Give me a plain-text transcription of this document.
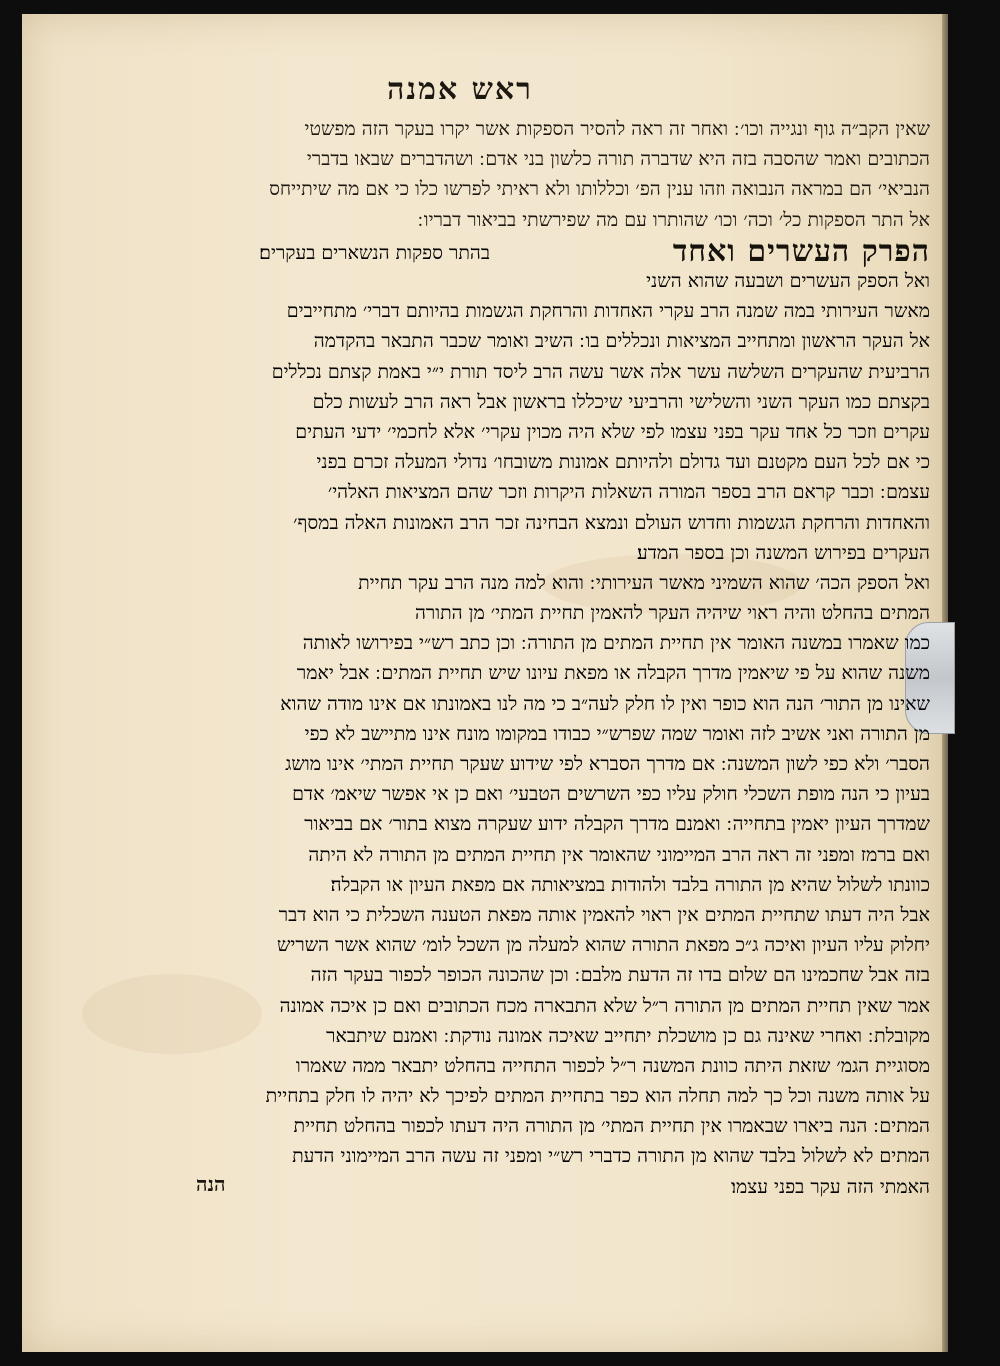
ראש אמנה
שאין הקב״ה גוף ונגייה וכו׳ ׃ ואחר זה ראה להסיר הספקות אשר יקרו בעקר הזה מפשטי
הכתובים ואמר שהסבה בזה היא שדברה תורה כלשון בני אדם ׃ ושהדברים שבאו בדברי
הנביאי׳ הם במראה הנבואה וזהו ענין הפ׳ וכללותו ולא ראיתי לפרשו כלו כי אם מה שיתייחס
אל התר הספקות כל׳ וכה׳ וכו׳ שהותרו עם מה שפירשתי בביאור דבריו ׃
הפרק העשרים ואחד
בהתר ספקות הנשארים בעקרים׃
ואל הספק העשרים ושבעה שהוא השני
מאשר העירותי במה שמנה הרב עקרי האחדות והרחקת הגשמות בהיותם דברי׳ מתחייבים
אל העקר הראשון ומתחייב המציאות ונכללים בו ׃ השיב ואומר שכבר התבאר בהקדמה
הרביעית שהעקרים השלשה עשר אלה אשר עשה הרב ליסד תורת י״י באמת קצתם נכללים
בקצתם כמו העקר השני והשלישי והרביעי שיכללו בראשון אבל ראה הרב לעשות כלם
עקרים וזכר כל אחד עקר בפני עצמו לפי שלא היה מכוין עקרי׳ אלא לחכמי׳ ידעי העתים
כי אם לכל העם מקטנם ועד גדולם ולהיותם אמונות משובחו׳ נדולי המעלה זכרם בפני
עצמם ׃ וכבר קראם הרב בספר המורה השאלות היקרות וזכר שהם המציאות האלהי׳
והאחדות והרחקת הגשמות וחדוש העולם ונמצא הבחינה זכר הרב האמונות האלה במסף׳
העקרים בפירוש המשנה וכן בספר המדע׃
ואל הספק הכה׳ שהוא השמיני מאשר העירותי ׃ והוא למה מנה הרב עקר תחיית
המתים בהחלט והיה ראוי שיהיה העקר להאמין תחיית המתי׳ מן התורה
כמו שאמרו במשנה האומר אין תחיית המתים מן התורה ׃ וכן כתב רש״י בפירושו לאותה
משנה שהוא על פי שיאמין מדרך הקבלה או מפאת עיונו שיש תחיית המתים ׃ אבל יאמר
שאינו מן התור׳ הנה הוא כופר ואין לו חלק לעה״ב כי מה לנו באמונתו אם אינו מודה שהוא
מן התורה ואני אשיב לזה ואומר שמה שפרש״י כבודו במקומו מונח אינו מתיישב לא כפי
הסבר׳ ולא כפי לשון המשנה ׃ אם מדרך הסברא לפי שידוע שעקר תחיית המתי׳ אינו מושג
בעיון כי הנה מופת השכלי חולק עליו כפי השרשים הטבעי׳ ואם כן אי אפשר שיאמ׳ אדם
שמדרך העיון יאמין בתחייה ׃ ואמנם מדרך הקבלה ידוע שעקרה מצוא בתור׳ אם בביאור
ואם ברמז ומפני זה ראה הרב המיימוני שהאומר אין תחיית המתים מן התורה לא היתה
כוונתו לשלול שהיא מן התורה בלבד ולהודות במציאותה אם מפאת העיון או הקבלה׃
אבל היה דעתו שתחיית המתים אין ראוי להאמין אותה מפאת הטענה השכלית כי הוא דבר
יחלוק עליו העיון ואיכה ג״כ מפאת התורה שהוא למעלה מן השכל לומ׳ שהוא אשר השריש
בזה אבל שחכמינו הם שלום בדו זה הדעת מלבם ׃ וכן שהכונה הכופר לכפור בעקר הזה
אמר שאין תחיית המתים מן התורה ר״ל שלא התבארה מכח הכתובים ואם כן איכה אמונה
מקובלת ׃ ואחרי שאינה גם כן מושכלת יתחייב שאיכה אמונה נודקת ׃ ואמנם שיתבאר
מסוגיית הגמ׳ שזאת היתה כוונת המשנה ר״ל לכפור התחייה בהחלט יתבאר ממה שאמרו
על אותה משנה וכל כך למה תחלה הוא כפר בתחיית המתים לפיכך לא יהיה לו חלק בתחיית
המתים ׃ הנה ביארו שבאמרו אין תחיית המתי׳ מן התורה היה דעתו לכפור בהחלט תחיית
המתים לא לשלול בלבד שהוא מן התורה כדברי רש״י ומפני זה עשה הרב המיימוני הדעת
האמתי הזה עקר בפני עצמו׃
הנה
